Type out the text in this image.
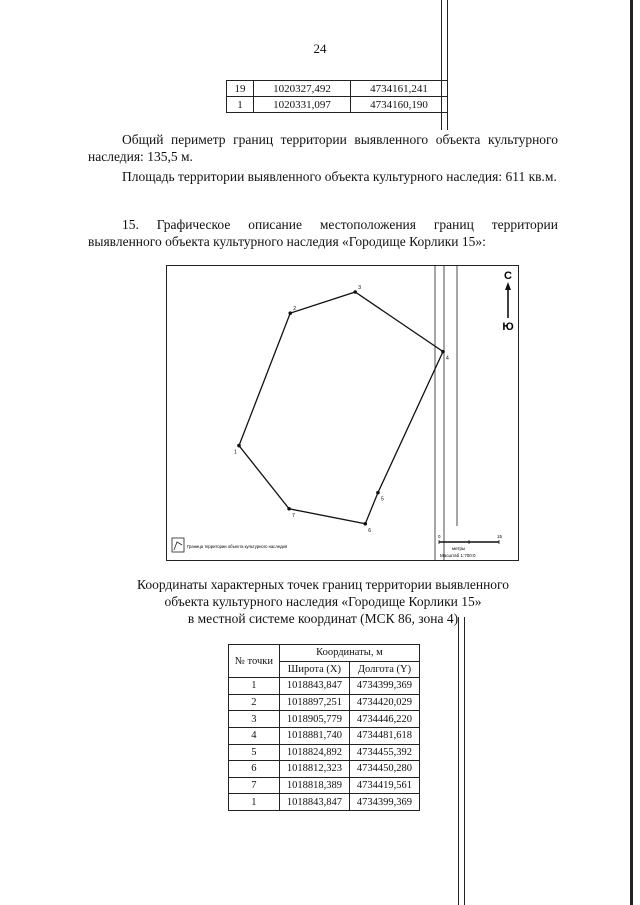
24
19	1020327,492	4734161,241
1	1020331,097	4734160,190
Общий периметр границ территории выявленного объекта культурного наследия: 135,5 м.
Площадь территории выявленного объекта культурного наследия: 611 кв.м.
15. Графическое описание местоположения границ территории выявленного объекта культурного наследия «Городище Корлики 15»:
1
2
3
4
5
6
7
С
Ю
Граница территории объекта культурного наследия
0	15
метры
Масштаб 1:700:0
Координаты характерных точек границ территории выявленного
объекта культурного наследия «Городище Корлики 15»
в местной системе координат (МСК 86, зона 4)
№ точки	Координаты, м	
	Широта (X)	Долгота (Y)
1	1018843,847	4734399,369
2	1018897,251	4734420,029
3	1018905,779	4734446,220
4	1018881,740	4734481,618
5	1018824,892	4734455,392
6	1018812,323	4734450,280
7	1018818,389	4734419,561
1	1018843,847	4734399,369
